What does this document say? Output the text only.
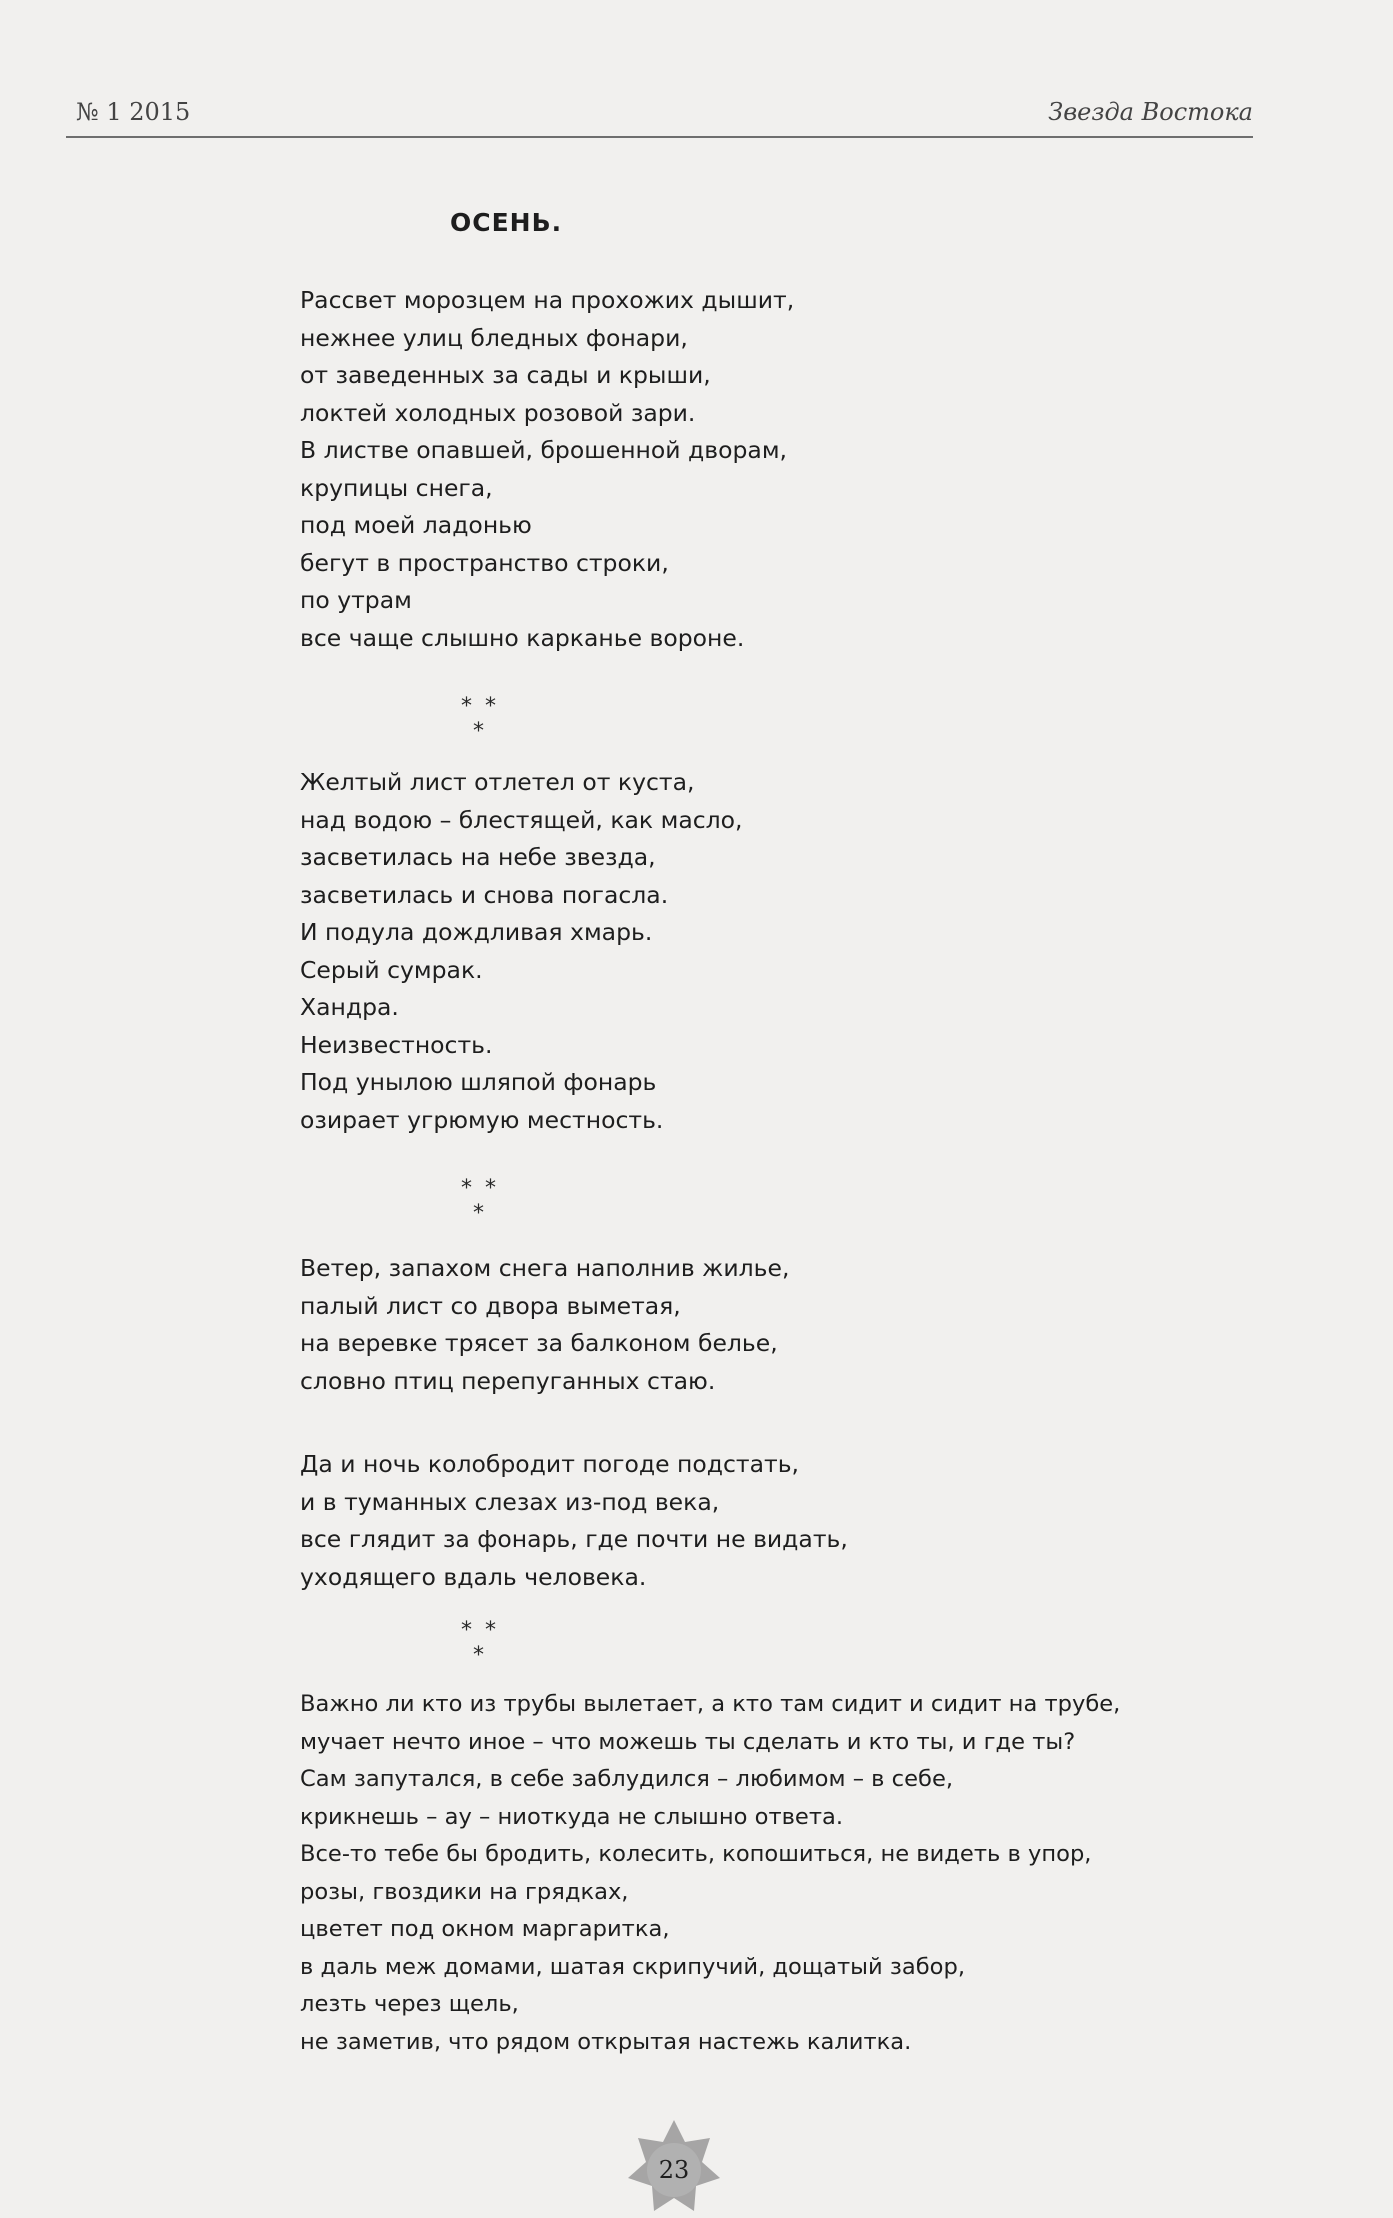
№ 1 2015	Звезда Востока
ОСЕНЬ.
Рассвет морозцем на прохожих дышит,
нежнее улиц бледных фонари,
от заведенных за сады и крыши,
локтей холодных розовой зари.
В листве опавшей, брошенной дворам,
крупицы снега,
под моей ладонью
бегут в пространство строки,
по утрам
все чаще слышно карканье вороне.
* * *
Желтый лист отлетел от куста,
над водою – блестящей, как масло,
засветилась на небе звезда,
засветилась и снова погасла.
И подула дождливая хмарь.
Серый сумрак.
Хандра.
Неизвестность.
Под унылою шляпой фонарь
озирает угрюмую местность.
* * *
Ветер, запахом снега наполнив жилье,
палый лист со двора выметая,
на веревке трясет за балконом белье,
словно птиц перепуганных стаю.
Да и ночь колобродит погоде подстать,
и в туманных слезах из-под века,
все глядит за фонарь, где почти не видать,
уходящего вдаль человека.
* * *
Важно ли кто из трубы вылетает, а кто там сидит и сидит на трубе,
мучает нечто иное – что можешь ты сделать и кто ты, и где ты?
Сам запутался, в себе заблудился – любимом – в себе,
крикнешь – ау – ниоткуда не слышно ответа.
Все-то тебе бы бродить, колесить, копошиться, не видеть в упор,
розы, гвоздики на грядках,
цветет под окном маргаритка,
в даль меж домами, шатая скрипучий, дощатый забор,
лезть через щель,
не заметив, что рядом открытая настежь калитка.
23
